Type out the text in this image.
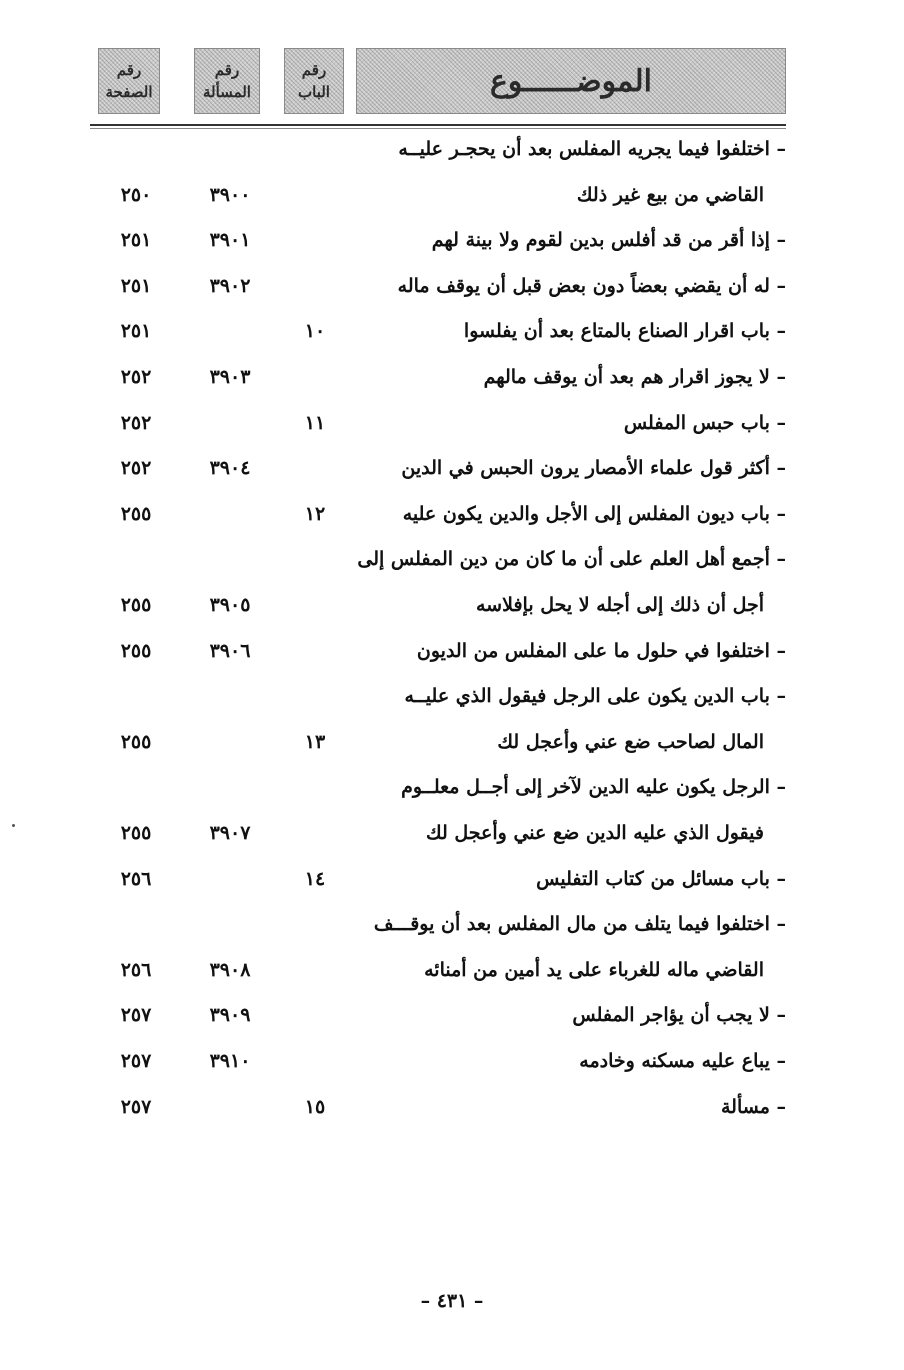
رقم
الصفحة
رقم
المسألة
رقم
الباب	الموضــــــوع
– اختلفوا فيما يجريه المفلس بعد أن يحجـر عليــه
القاضي من بيع غير ذلك
٣٩٠٠
٢٥٠
– إذا أقر من قد أفلس بدين لقوم ولا بينة لهم
٣٩٠١
٢٥١
– له أن يقضي بعضاً دون بعض قبل أن يوقف ماله
٣٩٠٢
٢٥١
– باب اقرار الصناع بالمتاع بعد أن يفلسوا
١٠
٢٥١
– لا يجوز اقرار هم بعد أن يوقف مالهم
٣٩٠٣
٢٥٢
– باب حبس المفلس
١١
٢٥٢
– أكثر قول علماء الأمصار يرون الحبس في الدين
٣٩٠٤
٢٥٢
– باب ديون المفلس إلى الأجل والدين يكون عليه
١٢
٢٥٥
– أجمع أهل العلم على أن ما كان من دين المفلس إلى
أجل أن ذلك إلى أجله لا يحل بإفلاسه
٣٩٠٥
٢٥٥
– اختلفوا في حلول ما على المفلس من الديون
٣٩٠٦
٢٥٥
– باب الدين يكون على الرجل فيقول الذي عليــه
المال لصاحب ضع عني وأعجل لك
١٣
٢٥٥
– الرجل يكون عليه الدين لآخر إلى أجــل معلــوم
فيقول الذي عليه الدين ضع عني وأعجل لك
٣٩٠٧
٢٥٥
– باب مسائل من كتاب التفليس
١٤
٢٥٦
– اختلفوا فيما يتلف من مال المفلس بعد أن يوقـــف
القاضي ماله للغرباء على يد أمين من أمنائه
٣٩٠٨
٢٥٦
– لا يجب أن يؤاجر المفلس
٣٩٠٩
٢٥٧
– يباع عليه مسكنه وخادمه
٣٩١٠
٢٥٧
– مسألة
١٥
٢٥٧
– ٤٣١ –
